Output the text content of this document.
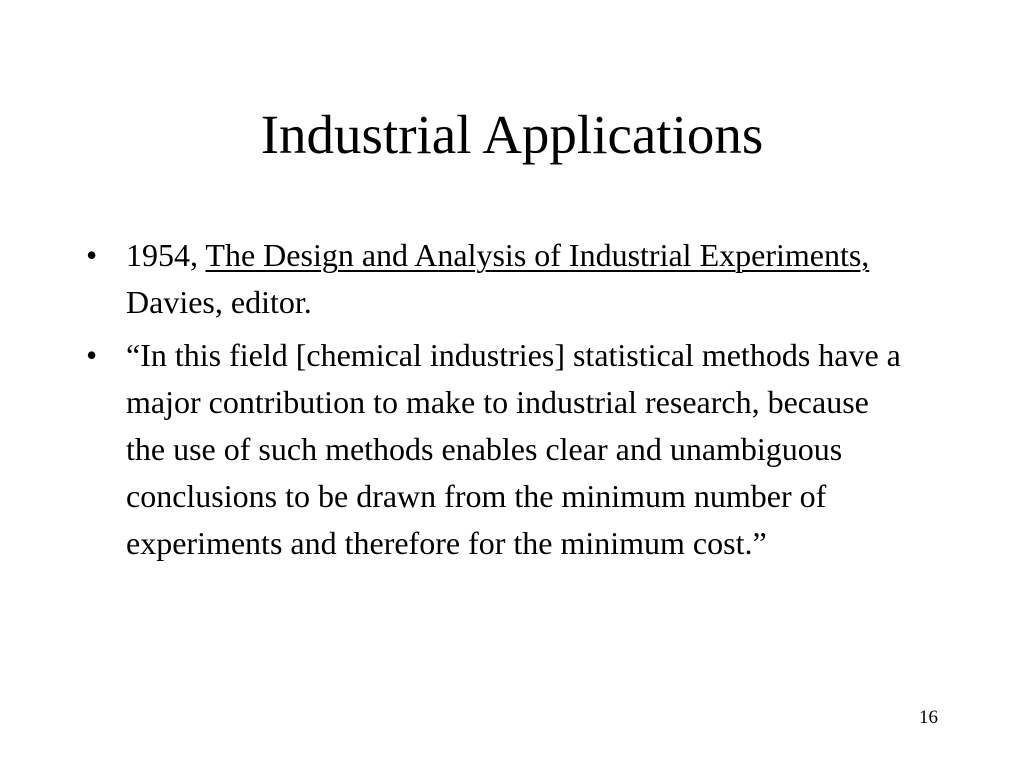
Industrial Applications
• 1954, The Design and Analysis of Industrial Experiments, Davies, editor.
• “In this field [chemical industries] statistical methods have a major contribution to make to industrial research, because the use of such methods enables clear and unambiguous conclusions to be drawn from the minimum number of experiments and therefore for the minimum cost.”
16
